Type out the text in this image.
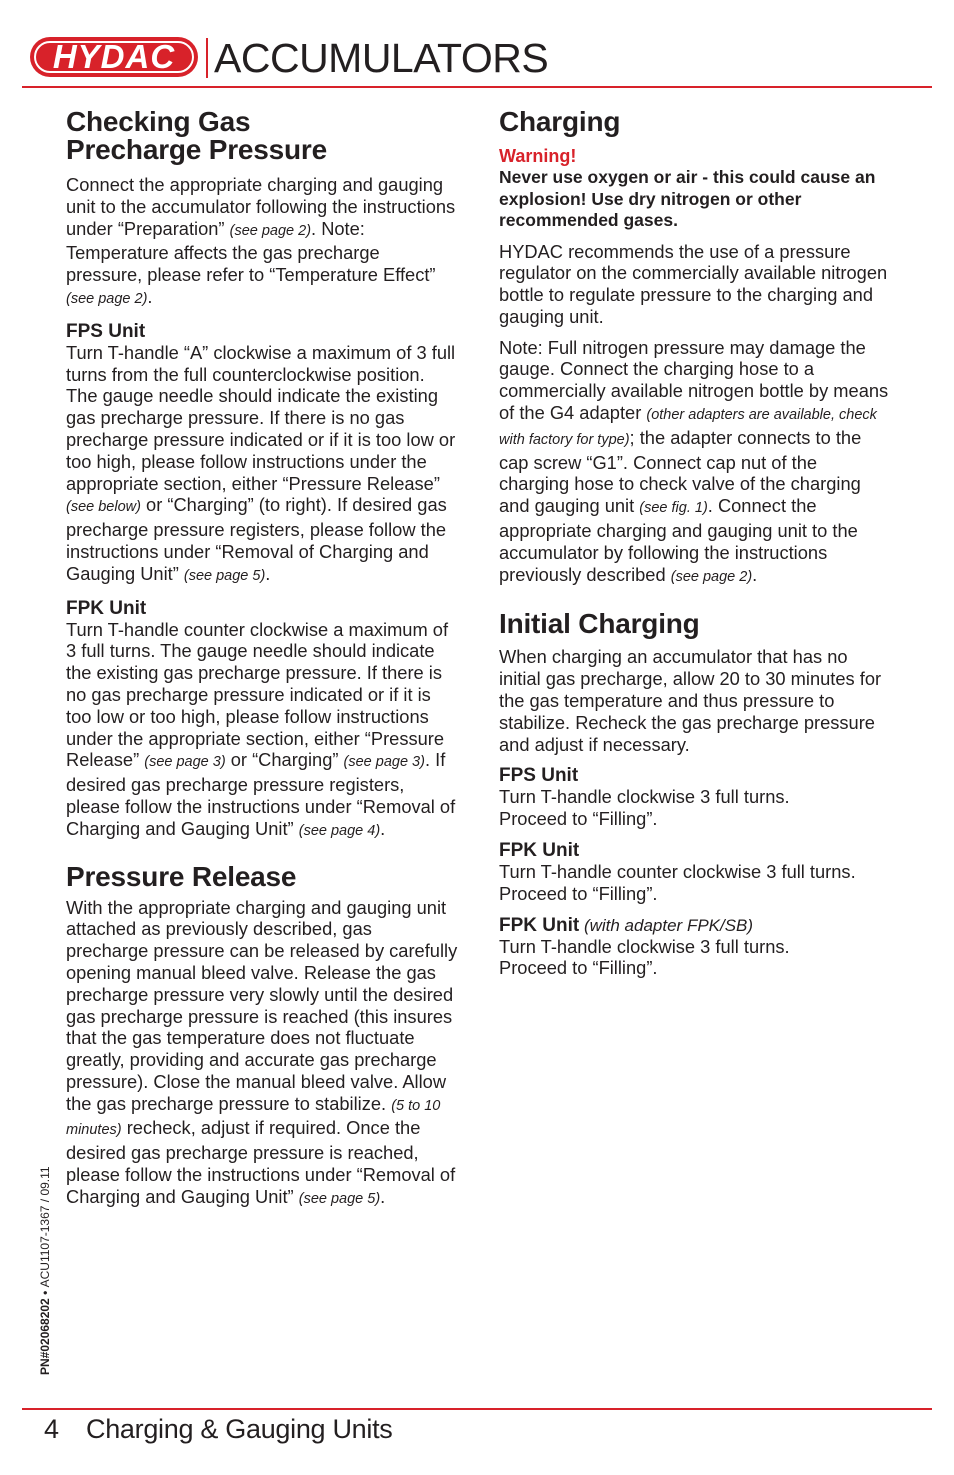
HYDAC ACCUMULATORS
Checking Gas
Precharge Pressure

Connect the appropriate charging and gauging unit to the accumulator following the instructions under “Preparation” (see page 2). Note: Temperature affects the gas precharge pressure, please refer to “Temperature Effect” (see page 2).

FPS Unit

Turn T-handle “A” clockwise a maximum of 3 full turns from the full counterclockwise position. The gauge needle should indicate the existing gas precharge pressure. If there is no gas precharge pressure indicated or if it is too low or too high, please follow instructions under the appropriate section, either “Pressure Release” (see below) or “Charging” (to right). If desired gas precharge pressure registers, please follow the instructions under “Removal of Charging and Gauging Unit” (see page 5).

FPK Unit

Turn T-handle counter clockwise a maximum of 3 full turns. The gauge needle should indicate the existing gas precharge pressure. If there is no gas precharge pressure indicated or if it is too low or too high, please follow instructions under the appropriate section, either “Pressure Release” (see page 3) or “Charging” (see page 3). If desired gas precharge pressure registers, please follow the instructions under “Removal of Charging and Gauging Unit” (see page 4).

Pressure Release

With the appropriate charging and gauging unit attached as previously described, gas precharge pressure can be released by carefully opening manual bleed valve. Release the gas precharge pressure very slowly until the desired gas precharge pressure is reached (this insures that the gas temperature does not fluctuate greatly, providing and accurate gas precharge pressure). Close the manual bleed valve. Allow the gas precharge pressure to stabilize. (5 to 10 minutes) recheck, adjust if required. Once the desired gas precharge pressure is reached, please follow the instructions under “Removal of Charging and Gauging Unit” (see page 5).

Charging
Warning!

Never use oxygen or air - this could cause an explosion! Use dry nitrogen or other recommended gases.

HYDAC recommends the use of a pressure regulator on the commercially available nitrogen bottle to regulate pressure to the charging and gauging unit.

Note: Full nitrogen pressure may damage the gauge. Connect the charging hose to a commercially available nitrogen bottle by means of the G4 adapter (other adapters are available, check with factory for type); the adapter connects to the cap screw “G1”. Connect cap nut of the charging hose to check valve of the charging and gauging unit (see fig. 1). Connect the appropriate charging and gauging unit to the accumulator by following the instructions previously described (see page 2).

Initial Charging

When charging an accumulator that has no initial gas precharge, allow 20 to 30 minutes for the gas temperature and thus pressure to stabilize. Recheck the gas precharge pressure and adjust if necessary.

FPS Unit

Turn T-handle clockwise 3 full turns.

Proceed to “Filling”.

FPK Unit

Turn T-handle counter clockwise 3 full turns.

Proceed to “Filling”.

FPK Unit (with adapter FPK/SB)

Turn T-handle clockwise 3 full turns.

Proceed to “Filling”.

PN#02068202 • ACU1107-1367 / 09.11
4 Charging & Gauging Units
